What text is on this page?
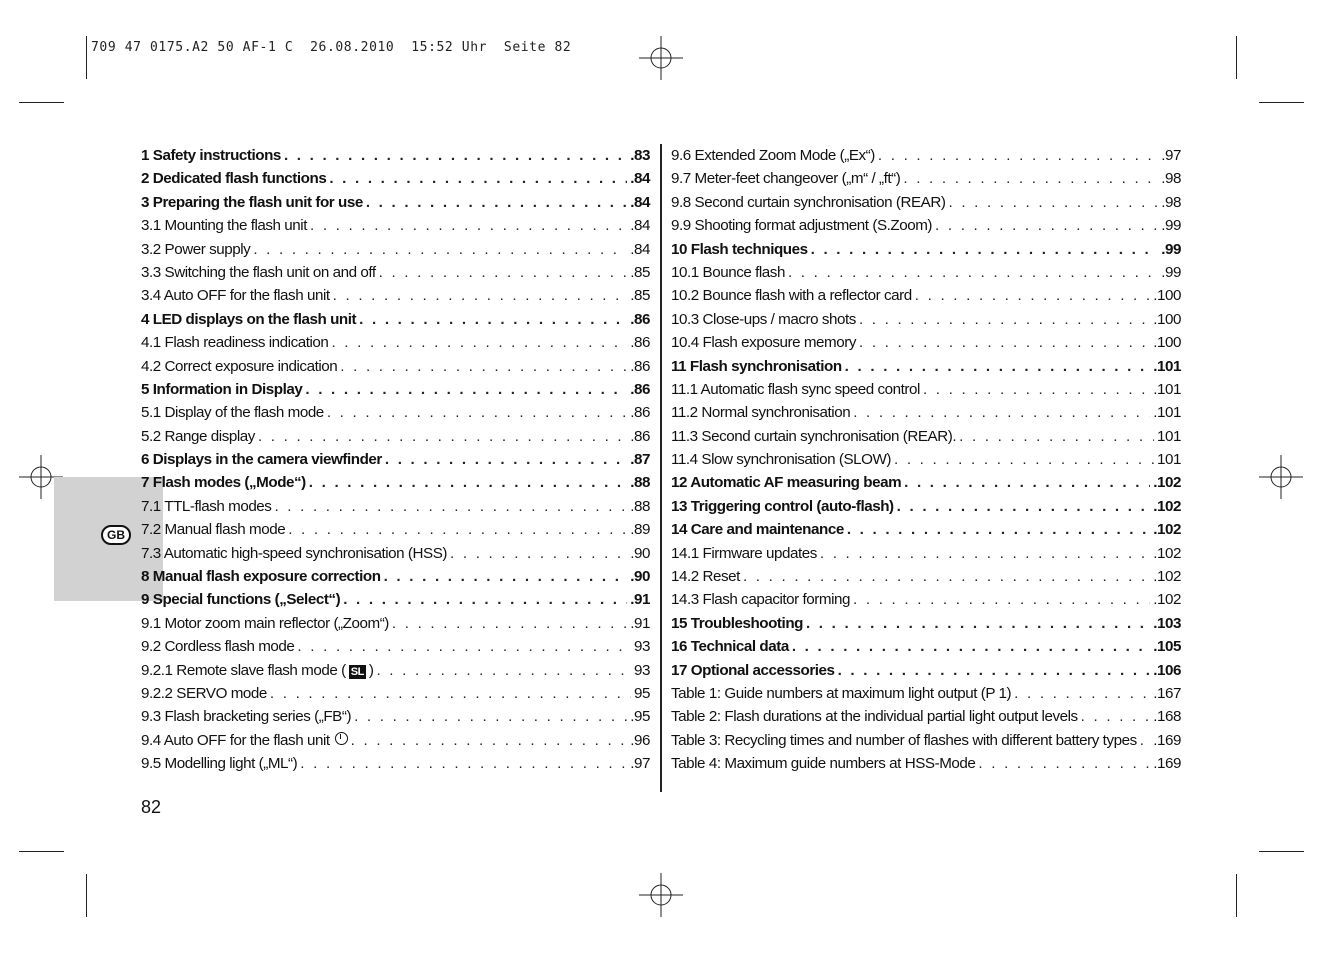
709 47 0175.A2 50 AF-1 C  26.08.2010  15:52 Uhr  Seite 82
GB
1 Safety instructions . . .	.83
2 Dedicated flash functions . . .	.84
3 Preparing the flash unit for use . . .	.84
3.1 Mounting the flash unit . . .	.84
3.2 Power supply . . .	.84
3.3 Switching the flash unit on and off . . .	.85
3.4 Auto OFF for the flash unit . . .	.85
4 LED displays on the flash unit . . .	.86
4.1 Flash readiness indication . . .	.86
4.2 Correct exposure indication . . .	.86
5 Information in Display . . .	.86
5.1 Display of the flash mode . . .	.86
5.2 Range display . . .	.86
6 Displays in the camera viewfinder . . .	.87
7 Flash modes („Mode“) . . .	.88
7.1 TTL-flash modes . . .	.88
7.2 Manual flash mode . . .	.89
7.3 Automatic high-speed synchronisation (HSS) . . .	.90
8 Manual flash exposure correction . . .	.90
9 Special functions („Select“) . . .	.91
9.1 Motor zoom main reflector („Zoom“) . . .	.91
9.2 Cordless flash mode . . .	93
9.2.1 Remote slave flash mode ( SL ) . . .	93
9.2.2 SERVO mode . . .	95
9.3 Flash bracketing series („FB“) . . .	.95
9.4 Auto OFF for the flash unit . . .	.96
9.5 Modelling light („ML“) . . .	.97
9.6 Extended Zoom Mode („Ex“) . . .	.97
9.7 Meter-feet changeover („m“ / „ft“) . . .	.98
9.8 Second curtain synchronisation (REAR) . . .	.98
9.9 Shooting format adjustment (S.Zoom) . . .	.99
10 Flash techniques . . .	.99
10.1 Bounce flash . . .	.99
10.2 Bounce flash with a reflector card . . .	.100
10.3 Close-ups / macro shots . . .	.100
10.4 Flash exposure memory . . .	.100
11 Flash synchronisation . . .	.101
11.1 Automatic flash sync speed control . . .	.101
11.2 Normal synchronisation . . .	.101
11.3 Second curtain synchronisation (REAR). . . .	101
11.4 Slow synchronisation (SLOW) . . .	101
12 Automatic AF measuring beam . . .	.102
13 Triggering control (auto-flash) . . .	.102
14 Care and maintenance . . .	.102
14.1 Firmware updates . . .	.102
14.2 Reset . . .	.102
14.3 Flash capacitor forming . . .	.102
15 Troubleshooting . . .	.103
16 Technical data . . .	.105
17 Optional accessories . . .	.106
Table 1: Guide numbers at maximum light output (P 1) . . .	.167
Table 2: Flash durations at the individual partial light output levels . . .	.168
Table 3: Recycling times and number of flashes with different battery types . . . .169
Table 4: Maximum guide numbers at HSS-Mode . . .	.169
82
